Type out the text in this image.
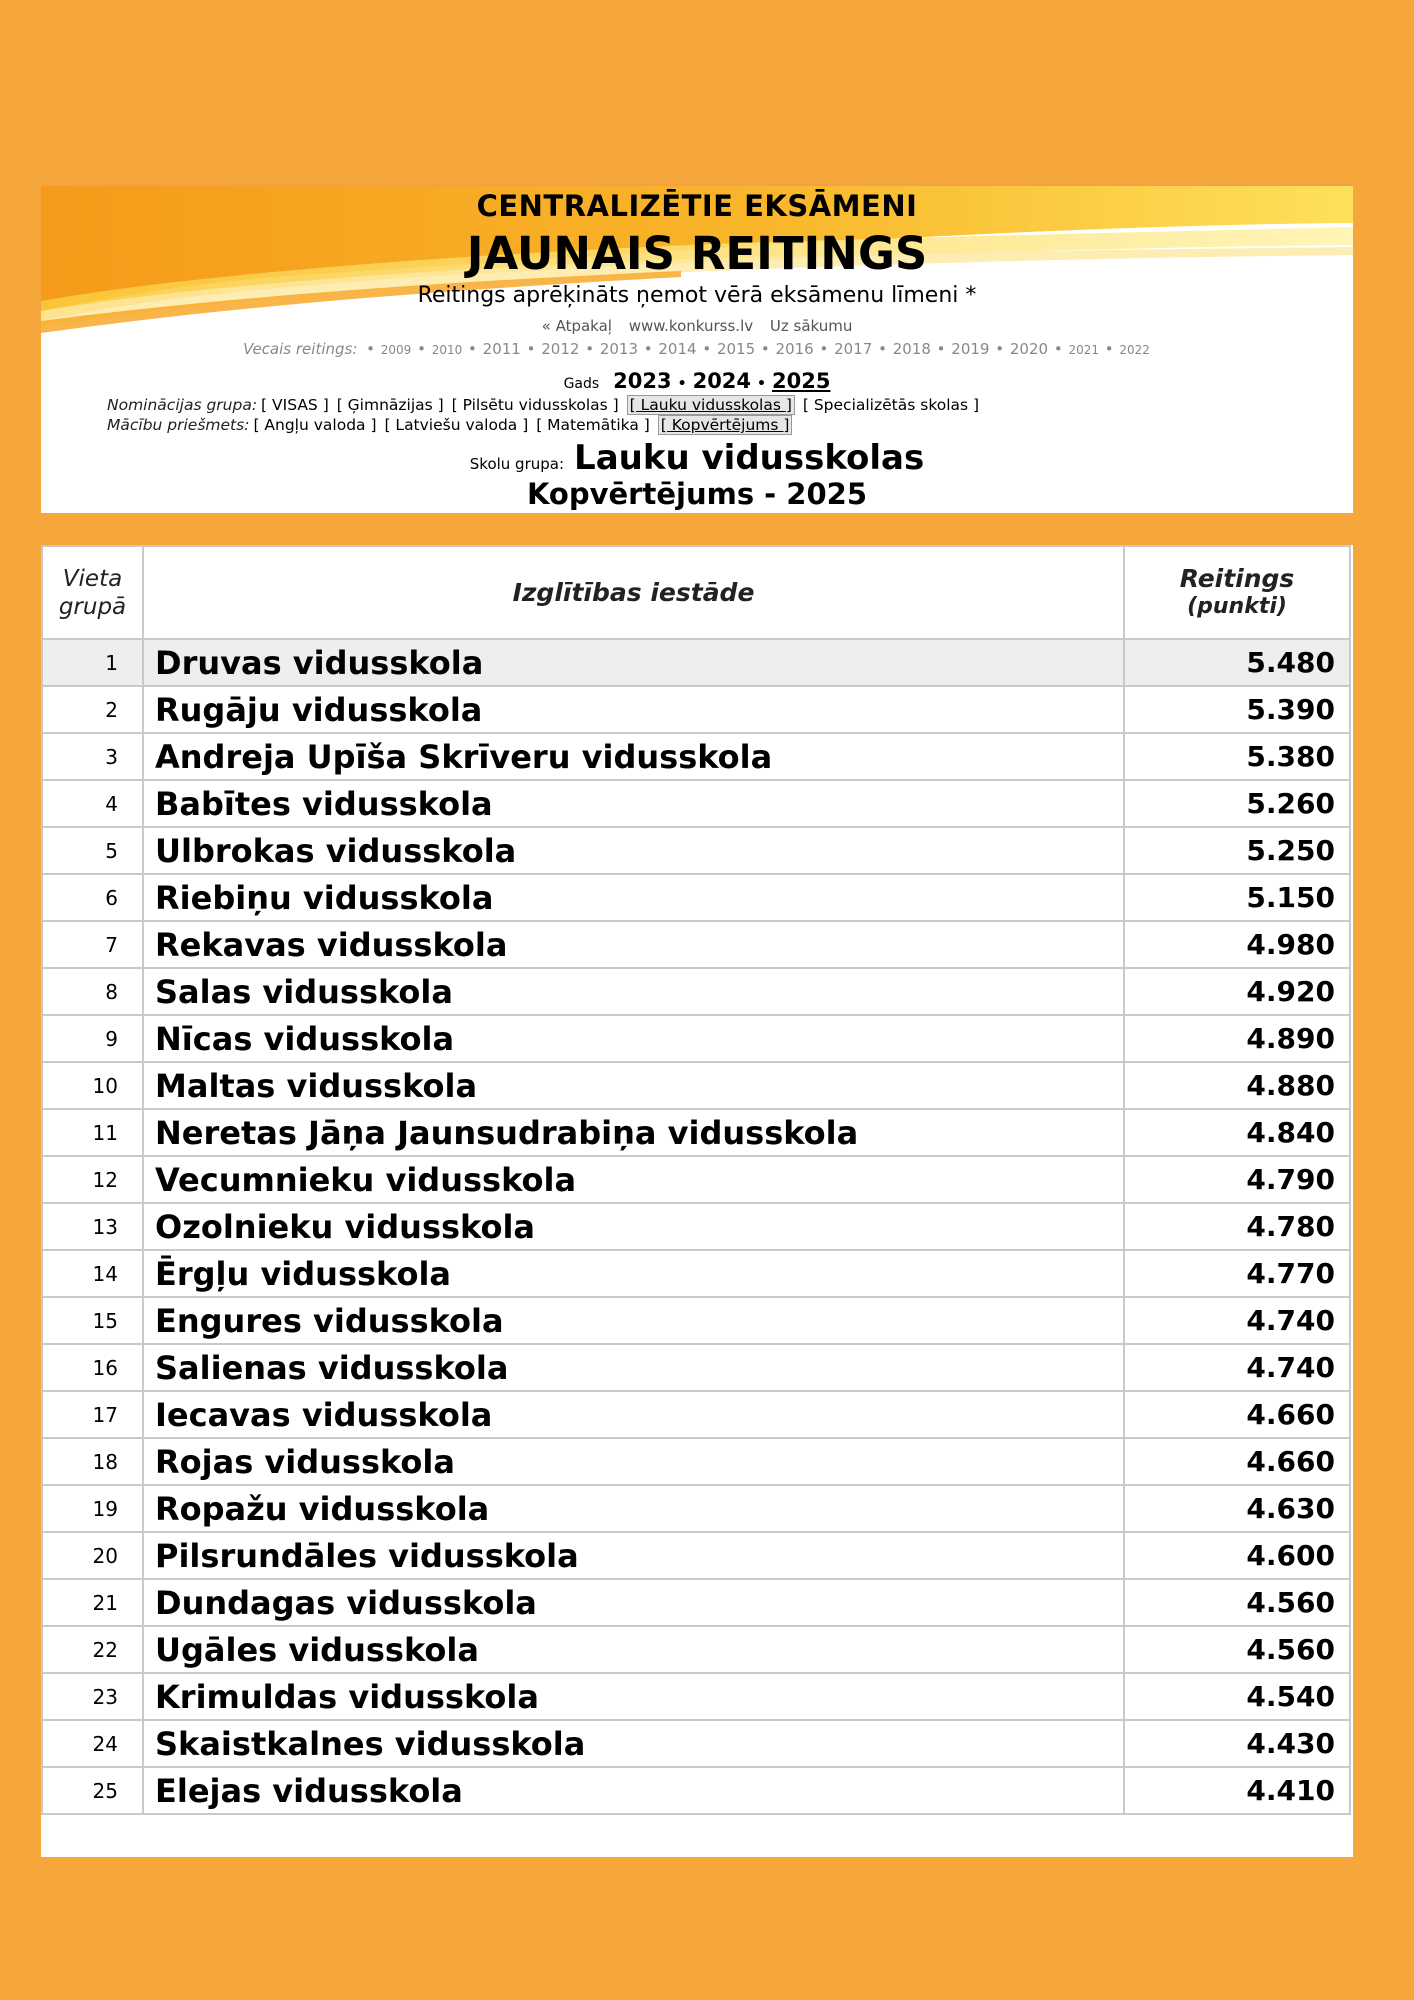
CENTRALIZĒTIE EKSĀMENI
JAUNAIS REITINGS
Reitings aprēķināts ņemot vērā eksāmenu līmeni *
« Atpakaļ www.konkurss.lv Uz sākumu
Vecais reitings: • 2009 • 2010 • 2011 • 2012 • 2013 • 2014 • 2015 • 2016 • 2017 • 2018 • 2019 • 2020 • 2021 • 2022
Gads 2023 • 2024 • 2025
Nominācijas grupa: [ VISAS ] [ Ģimnāzijas ] [ Pilsētu vidusskolas ] [ Lauku vidusskolas ] [ Specializētās skolas ]
Mācību priešmets: [ Angļu valoda ] [ Latviešu valoda ] [ Matemātika ] [ Kopvērtējums ]
Skolu grupa: Lauku vidusskolas
Kopvērtējums - 2025
Vieta
grupā	Izglītības iestāde	Reitings
(punkti)
1	Druvas vidusskola	5.480
2	Rugāju vidusskola	5.390
3	Andreja Upīša Skrīveru vidusskola	5.380
4	Babītes vidusskola	5.260
5	Ulbrokas vidusskola	5.250
6	Riebiņu vidusskola	5.150
7	Rekavas vidusskola	4.980
8	Salas vidusskola	4.920
9	Nīcas vidusskola	4.890
10	Maltas vidusskola	4.880
11	Neretas Jāņa Jaunsudrabiņa vidusskola	4.840
12	Vecumnieku vidusskola	4.790
13	Ozolnieku vidusskola	4.780
14	Ērgļu vidusskola	4.770
15	Engures vidusskola	4.740
16	Salienas vidusskola	4.740
17	Iecavas vidusskola	4.660
18	Rojas vidusskola	4.660
19	Ropažu vidusskola	4.630
20	Pilsrundāles vidusskola	4.600
21	Dundagas vidusskola	4.560
22	Ugāles vidusskola	4.560
23	Krimuldas vidusskola	4.540
24	Skaistkalnes vidusskola	4.430
25	Elejas vidusskola	4.410
